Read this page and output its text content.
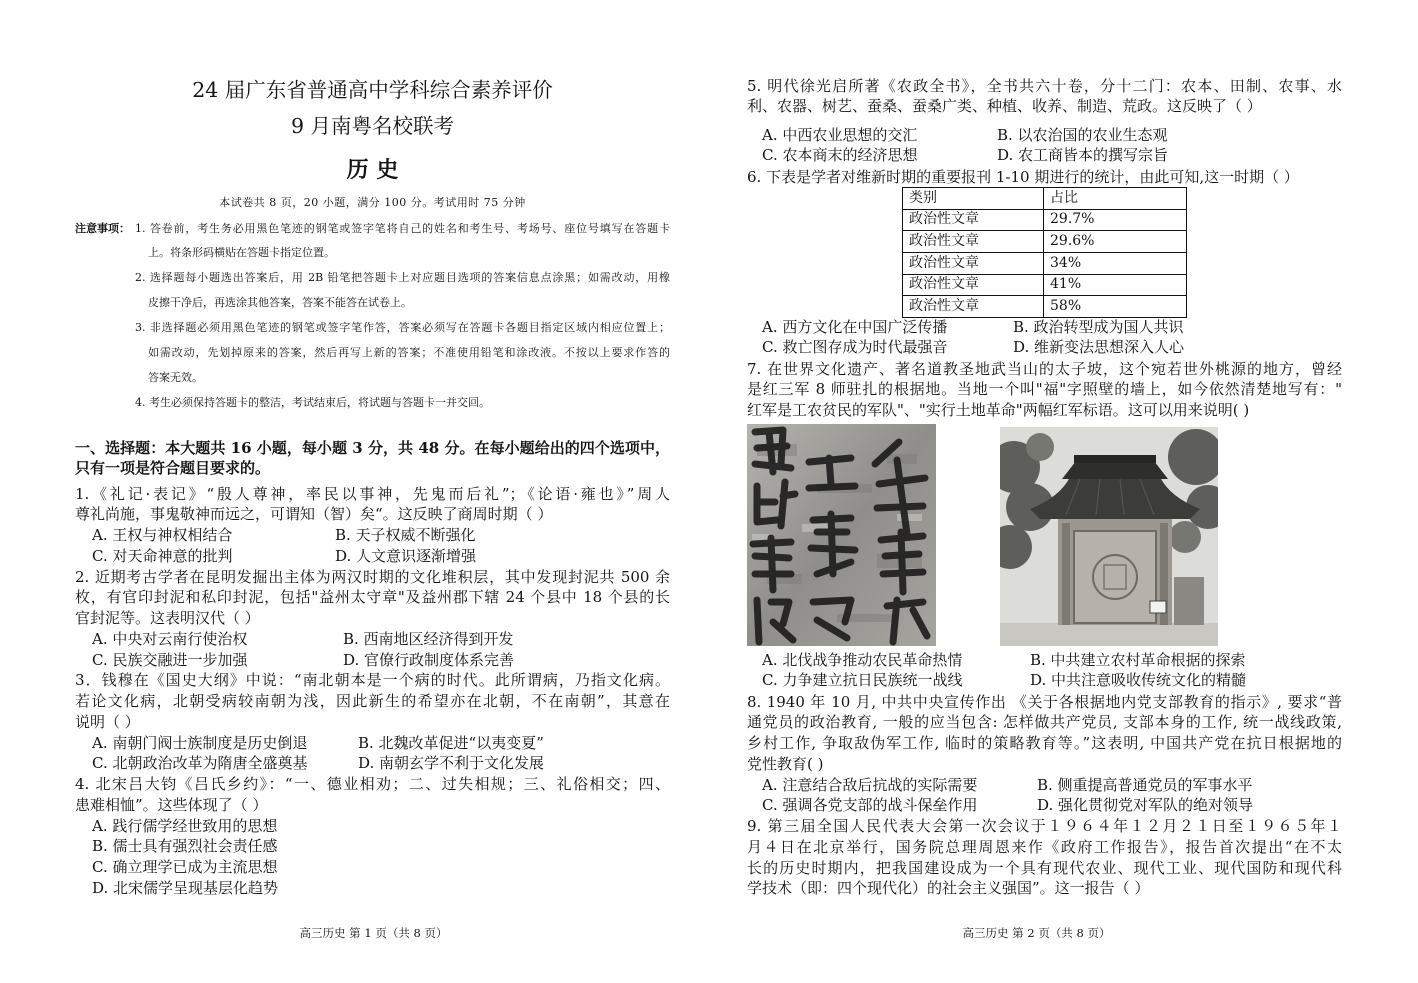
24 届广东省普通高中学科综合素养评价
9 月南粤名校联考
历 史
本试卷共 8 页，20 小题，满分 100 分。考试用时 75 分钟
注意事项： 1. 答卷前，考生务必用黑色笔迹的钢笔或签字笔将自己的姓名和考生号、考场号、座位号填写在答题卡
上。将条形码横贴在答题卡指定位置。
2. 选择题每小题选出答案后，用 2B 铅笔把答题卡上对应题目选项的答案信息点涂黑；如需改动，用橡
皮擦干净后，再选涂其他答案，答案不能答在试卷上。
3. 非选择题必须用黑色笔迹的钢笔或签字笔作答，答案必须写在答题卡各题目指定区域内相应位置上；
如需改动，先划掉原来的答案，然后再写上新的答案；不准使用铅笔和涂改液。不按以上要求作答的
答案无效。
4. 考生必须保持答题卡的整洁，考试结束后，将试题与答题卡一并交回。
一、选择题：本大题共 16 小题，每小题 3 分，共 48 分。在每小题给出的四个选项中，
只有一项是符合题目要求的。
1.《礼记·表记》“殷人尊神，率民以事神，先鬼而后礼”；《论语·雍也》”周人
尊礼尚施，事鬼敬神而远之，可谓知（智）矣“。这反映了商周时期（ ）
A. 王权与神权相结合	B. 天子权威不断强化
C. 对天命神意的批判	D. 人文意识逐渐增强
2. 近期考古学者在昆明发掘出主体为两汉时期的文化堆积层，其中发现封泥共 500 余
枚，有官印封泥和私印封泥，包括"益州太守章"及益州郡下辖 24 个县中 18 个县的长
官封泥等。这表明汉代（ ）
A. 中央对云南行使治权	B. 西南地区经济得到开发
C. 民族交融进一步加强	D. 官僚行政制度体系完善
3．钱穆在《国史大纲》中说：“南北朝本是一个病的时代。此所谓病，乃指文化病。
若论文化病，北朝受病较南朝为浅，因此新生的希望亦在北朝，不在南朝”，其意在
说明（ ）
A. 南朝门阀士族制度是历史倒退	B. 北魏改革促进“以夷变夏”
C. 北朝政治改革为隋唐全盛奠基	D. 南朝玄学不利于文化发展
4. 北宋吕大钧《吕氏乡约》：“一、德业相劝；二、过失相规；三、礼俗相交；四、
患难相恤”。这些体现了（ ）
A. 践行儒学经世致用的思想
B. 儒士具有强烈社会责任感
C. 确立理学已成为主流思想
D. 北宋儒学呈现基层化趋势
高三历史 第 1 页（共 8 页）
5. 明代徐光启所著《农政全书》，全书共六十卷，分十二门：农本、田制、农事、水
利、农器、树艺、蚕桑、蚕桑广类、种植、收养、制造、荒政。这反映了（ ）
A. 中西农业思想的交汇	B. 以农治国的农业生态观
C. 农本商末的经济思想	D. 农工商皆本的撰写宗旨
6. 下表是学者对维新时期的重要报刊 1-10 期进行的统计，由此可知,这一时期（ ）
类别	占比
政治性文章	29.7%
政治性文章	29.6%
政治性文章	34%
政治性文章	41%
政治性文章	58%
A. 西方文化在中国广泛传播	B. 政治转型成为国人共识
C. 救亡图存成为时代最强音	D. 维新变法思想深入人心
7. 在世界文化遗产、著名道教圣地武当山的太子坡，这个宛若世外桃源的地方，曾经
是红三军 8 师驻扎的根据地。当地一个叫"福"字照壁的墙上，如今依然清楚地写有："
红军是工农贫民的军队"、"实行土地革命"两幅红军标语。这可以用来说明( )
A. 北伐战争推动农民革命热情	B. 中共建立农村革命根据的探索
C. 力争建立抗日民族统一战线	D. 中共注意吸收传统文化的精髓
8. 1940 年 10 月, 中共中央宣传作出 《关于各根据地内党支部教育的指示》, 要求“普
通党员的政治教育, 一般的应当包含: 怎样做共产党员, 支部本身的工作, 统一战线政策,
乡村工作, 争取敌伪军工作, 临时的策略教育等。”这表明, 中国共产党在抗日根据地的
党性教育( )
A. 注意结合敌后抗战的实际需要	B. 侧重提高普通党员的军事水平
C. 强调各党支部的战斗保垒作用	D. 强化贯彻党对军队的绝对领导
9. 第三届全国人民代表大会第一次会议于１９６４年１２月２１日至１９６５年１
月４日在北京举行，国务院总理周恩来作《政府工作报告》，报告首次提出“在不太
长的历史时期内，把我国建设成为一个具有现代农业、现代工业、现代国防和现代科
学技术（即：四个现代化）的社会主义强国”。这一报告（ ）
高三历史 第 2 页（共 8 页）
